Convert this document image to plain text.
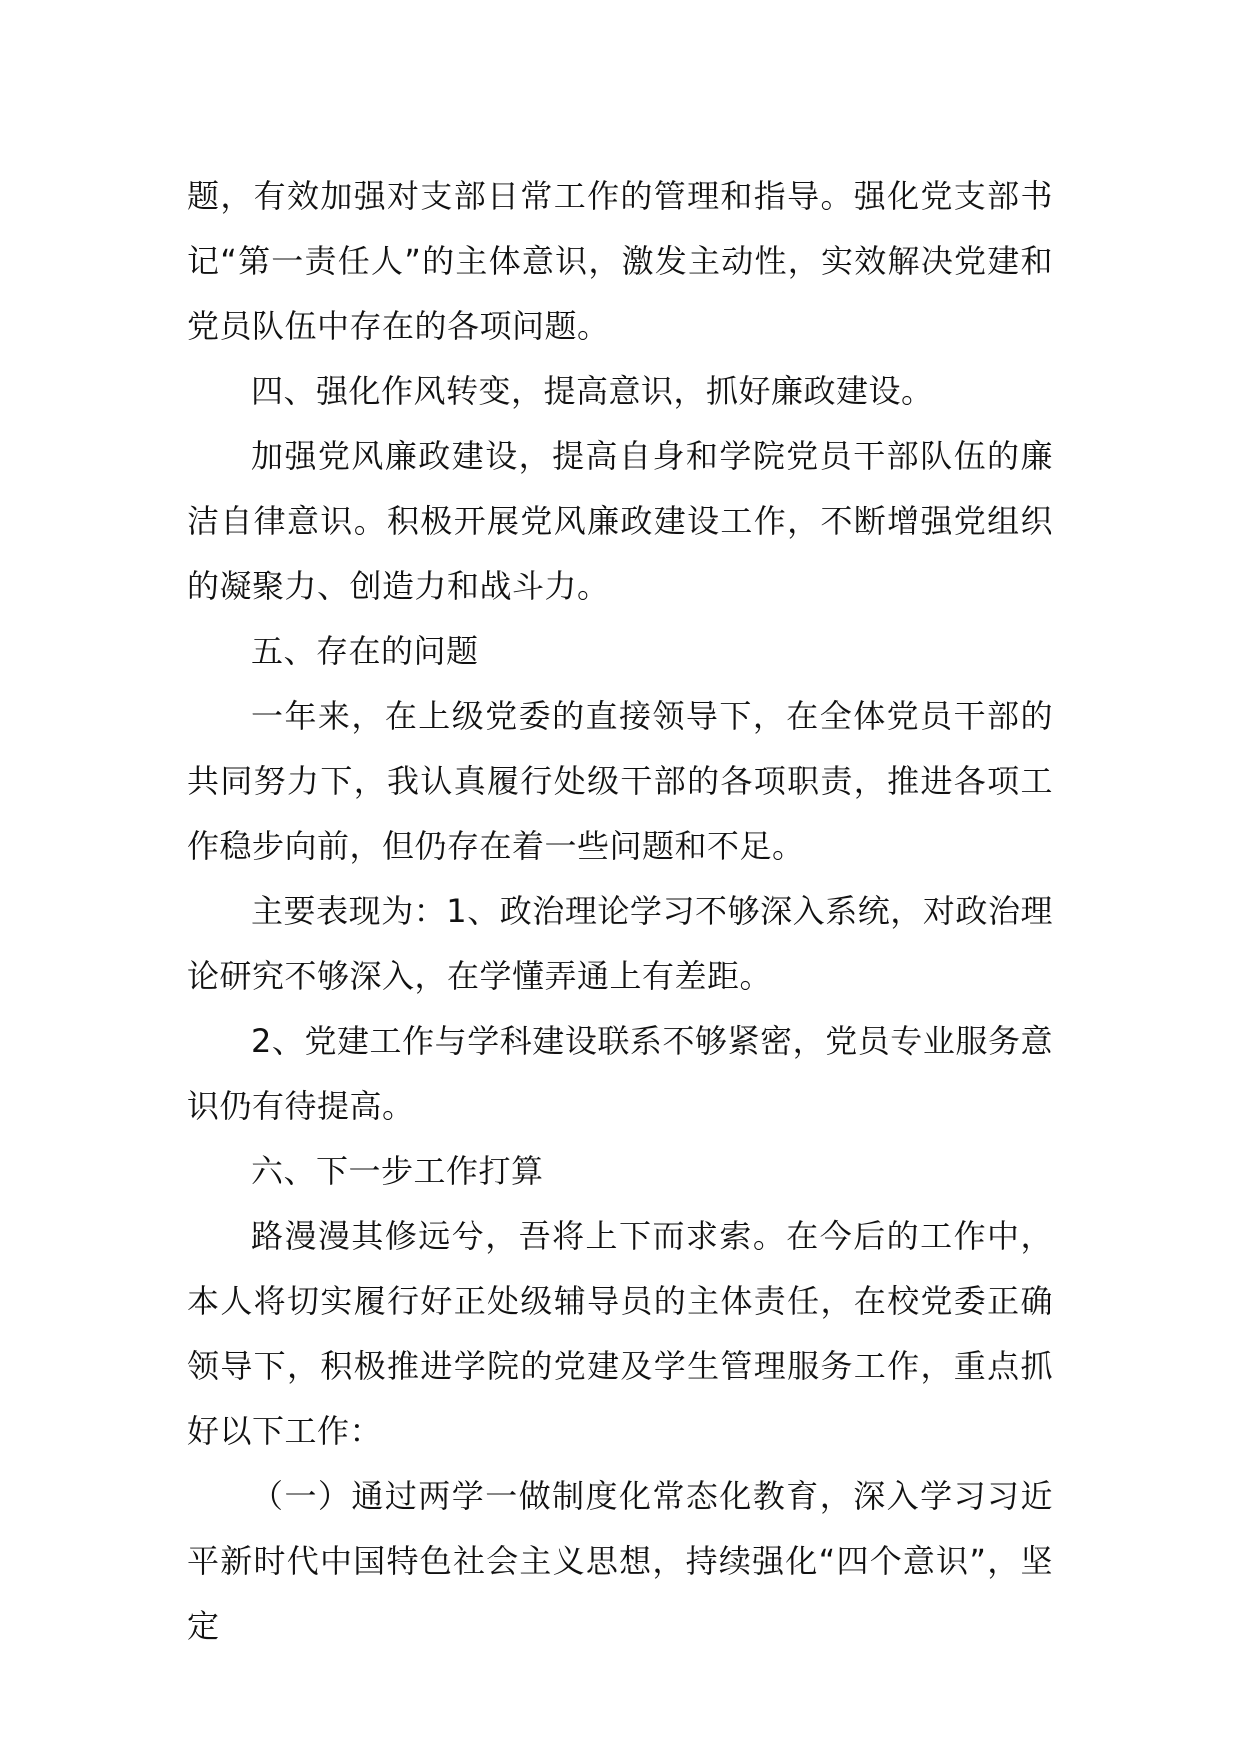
题，有效加强对支部日常工作的管理和指导。强化党支部书记“第一责任人”的主体意识，激发主动性，实效解决党建和党员队伍中存在的各项问题。

四、强化作风转变，提高意识，抓好廉政建设。

加强党风廉政建设，提高自身和学院党员干部队伍的廉洁自律意识。积极开展党风廉政建设工作，不断增强党组织的凝聚力、创造力和战斗力。

五、存在的问题

一年来，在上级党委的直接领导下，在全体党员干部的共同努力下，我认真履行处级干部的各项职责，推进各项工作稳步向前，但仍存在着一些问题和不足。

主要表现为：1、政治理论学习不够深入系统，对政治理论研究不够深入，在学懂弄通上有差距。

2、党建工作与学科建设联系不够紧密，党员专业服务意识仍有待提高。

六、下一步工作打算

路漫漫其修远兮，吾将上下而求索。在今后的工作中，本人将切实履行好正处级辅导员的主体责任，在校党委正确领导下，积极推进学院的党建及学生管理服务工作，重点抓好以下工作：

（一）通过两学一做制度化常态化教育，深入学习习近平新时代中国特色社会主义思想，持续强化“四个意识”，坚定
